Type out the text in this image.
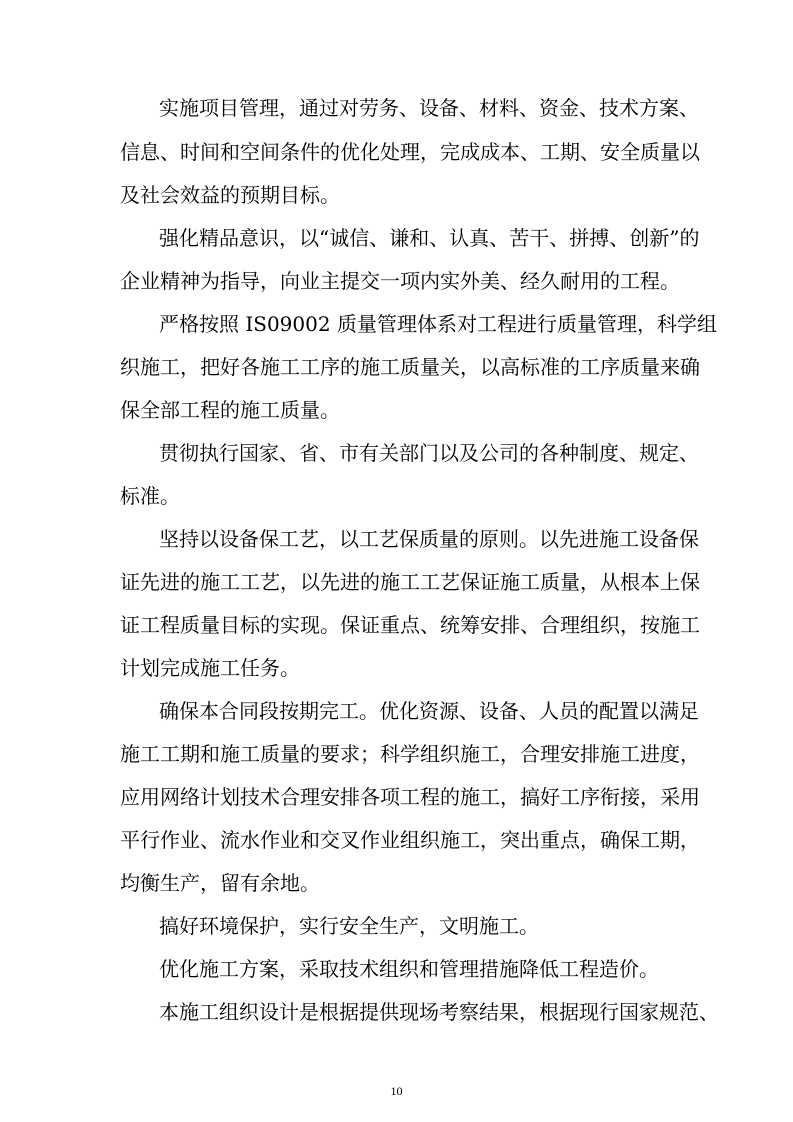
实施项目管理，通过对劳务、设备、材料、资金、技术方案、
信息、时间和空间条件的优化处理，完成成本、工期、安全质量以
及社会效益的预期目标。
强化精品意识，以“诚信、谦和、认真、苦干、拼搏、创新”的
企业精神为指导，向业主提交一项内实外美、经久耐用的工程。
严格按照 IS09002 质量管理体系对工程进行质量管理，科学组
织施工，把好各施工工序的施工质量关，以高标准的工序质量来确
保全部工程的施工质量。
贯彻执行国家、省、市有关部门以及公司的各种制度、规定、
标准。
坚持以设备保工艺，以工艺保质量的原则。以先进施工设备保
证先进的施工工艺，以先进的施工工艺保证施工质量，从根本上保
证工程质量目标的实现。保证重点、统筹安排、合理组织，按施工
计划完成施工任务。
确保本合同段按期完工。优化资源、设备、人员的配置以满足
施工工期和施工质量的要求；科学组织施工，合理安排施工进度，
应用网络计划技术合理安排各项工程的施工，搞好工序衔接，采用
平行作业、流水作业和交叉作业组织施工，突出重点，确保工期，
均衡生产，留有余地。
搞好环境保护，实行安全生产，文明施工。
优化施工方案，采取技术组织和管理措施降低工程造价。
本施工组织设计是根据提供现场考察结果，根据现行国家规范、
10
